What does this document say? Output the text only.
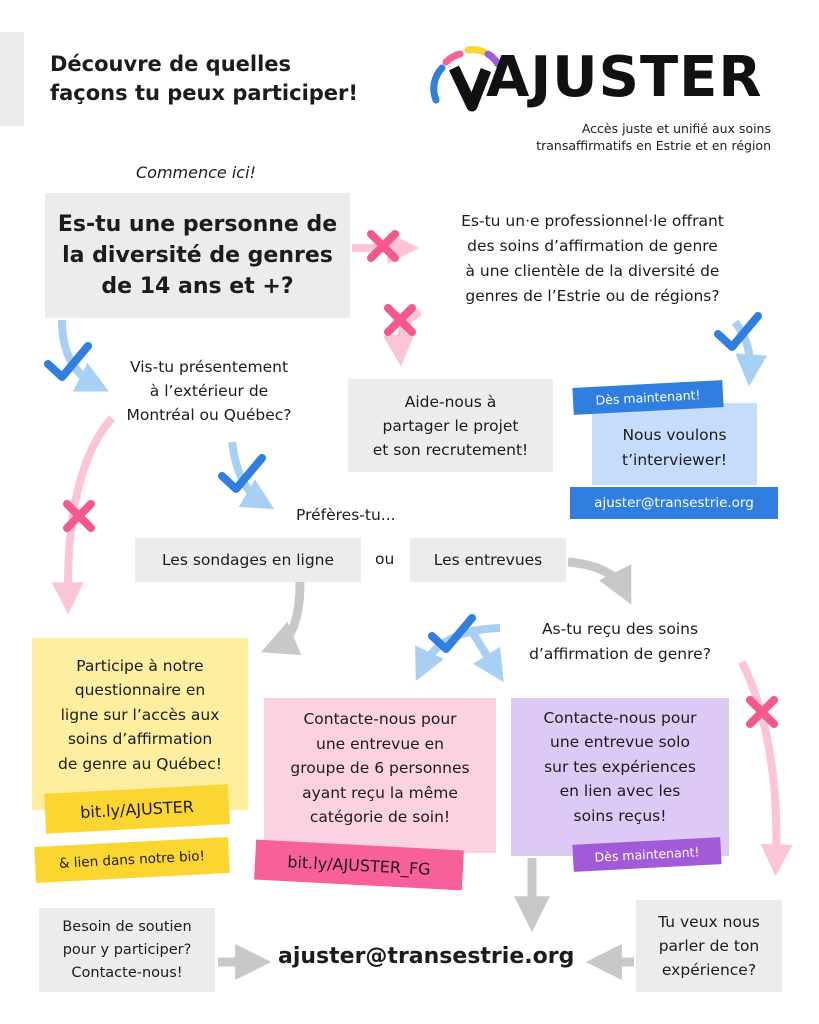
Découvre de quelles
façons tu peux participer! AJUSTER
Accès juste et unifié aux soins
transaffirmatifs en Estrie et en région
Commence ici!
Es-tu une personne de
la diversité de genres
de 14 ans et +?
Es-tu un·e professionnel·le offrant
des soins d’affirmation de genre
à une clientèle de la diversité de
genres de l’Estrie ou de régions?
Vis-tu présentement
à l’extérieur de
Montréal ou Québec?
Aide-nous à
partager le projet
et son recrutement!
Nous voulons
t’interviewer!
Dès maintenant!
ajuster@transestrie.org
Préfères-tu...
Les sondages en ligne	ou	Les entrevues
As-tu reçu des soins
d’affirmation de genre?
Participe à notre
questionnaire en
ligne sur l’accès aux
soins d’affirmation
de genre au Québec!
bit.ly/AJUSTER
& lien dans notre bio!
Contacte-nous pour
une entrevue en
groupe de 6 personnes
ayant reçu la même
catégorie de soin!
bit.ly/AJUSTER_FG
Contacte-nous pour
une entrevue solo
sur tes expériences
en lien avec les
soins reçus!
Dès maintenant!
Besoin de soutien
pour y participer?
Contacte-nous!
ajuster@transestrie.org
Tu veux nous
parler de ton
expérience?
